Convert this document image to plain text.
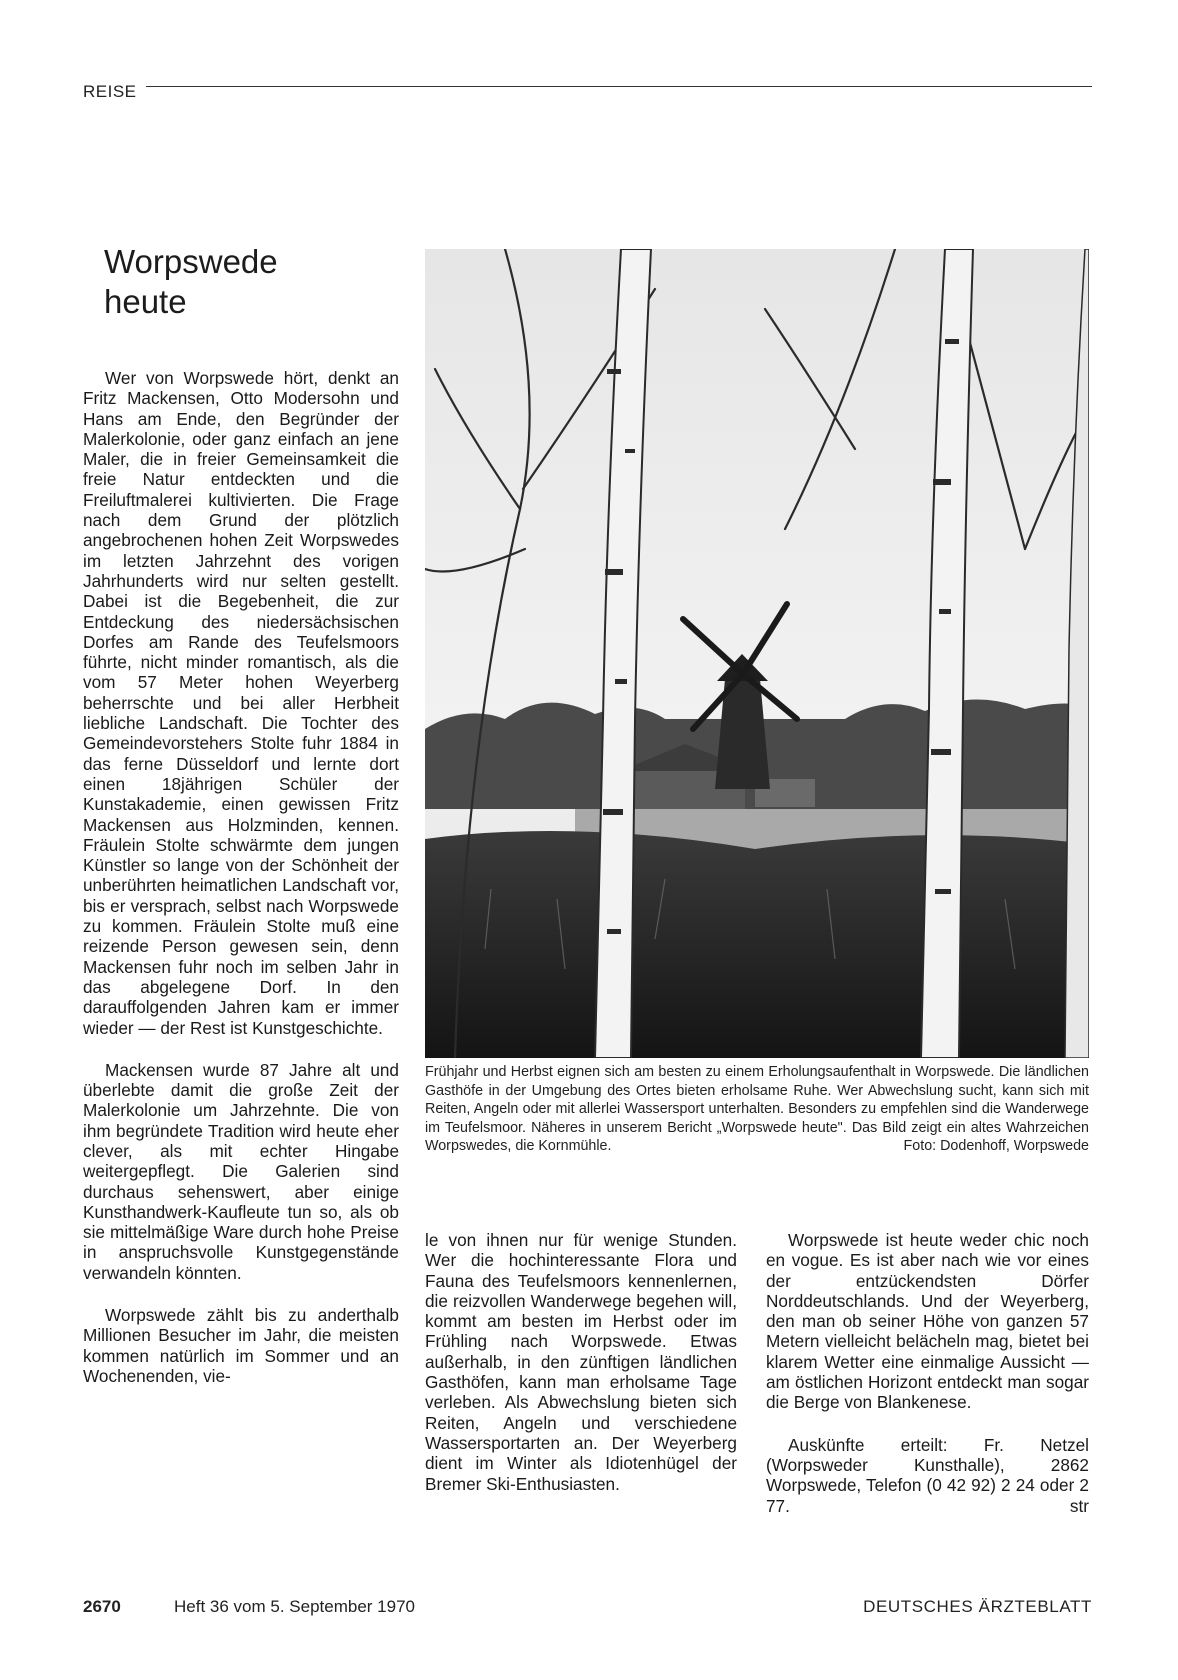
REISE
Worpswede
heute

Wer von Worpswede hört, denkt an Fritz Mackensen, Otto Modersohn und Hans am Ende, den Begründer der Malerkolonie, oder ganz einfach an jene Maler, die in freier Gemeinsamkeit die freie Natur entdeckten und die Freiluftmalerei kultivierten. Die Frage nach dem Grund der plötzlich angebrochenen hohen Zeit Worpswedes im letzten Jahrzehnt des vorigen Jahrhunderts wird nur selten gestellt. Dabei ist die Begebenheit, die zur Entdeckung des niedersächsischen Dorfes am Rande des Teufelsmoors führte, nicht minder romantisch, als die vom 57 Meter hohen Weyerberg beherrschte und bei aller Herbheit liebliche Landschaft. Die Tochter des Gemeindevorstehers Stolte fuhr 1884 in das ferne Düsseldorf und lernte dort einen 18jährigen Schüler der Kunstakademie, einen gewissen Fritz Mackensen aus Holzminden, kennen. Fräulein Stolte schwärmte dem jungen Künstler so lange von der Schönheit der unberührten heimatlichen Landschaft vor, bis er versprach, selbst nach Worpswede zu kommen. Fräulein Stolte muß eine reizende Person gewesen sein, denn Mackensen fuhr noch im selben Jahr in das abgelegene Dorf. In den darauffolgenden Jahren kam er immer wieder — der Rest ist Kunstgeschichte.

Mackensen wurde 87 Jahre alt und überlebte damit die große Zeit der Malerkolonie um Jahrzehnte. Die von ihm begründete Tradition wird heute eher clever, als mit echter Hingabe weitergepflegt. Die Galerien sind durchaus sehenswert, aber einige Kunsthandwerk-Kaufleute tun so, als ob sie mittelmäßige Ware durch hohe Preise in anspruchsvolle Kunstgegenstände verwandeln könnten.

Worpswede zählt bis zu anderthalb Millionen Besucher im Jahr, die meisten kommen natürlich im Sommer und an Wochenenden, vie-

Frühjahr und Herbst eignen sich am besten zu einem Erholungsaufenthalt in Worpswede. Die ländlichen Gasthöfe in der Umgebung des Ortes bieten erholsame Ruhe. Wer Abwechslung sucht, kann sich mit Reiten, Angeln oder mit allerlei Wassersport unterhalten. Besonders zu empfehlen sind die Wanderwege im Teufelsmoor. Näheres in unserem Bericht „Worpswede heute". Das Bild zeigt ein altes Wahrzeichen Worpswedes, die Kornmühle.	Foto: Dodenhoff, Worpswede

le von ihnen nur für wenige Stunden. Wer die hochinteressante Flora und Fauna des Teufelsmoors kennenlernen, die reizvollen Wanderwege begehen will, kommt am besten im Herbst oder im Frühling nach Worpswede. Etwas außerhalb, in den zünftigen ländlichen Gasthöfen, kann man erholsame Tage verleben. Als Abwechslung bieten sich Reiten, Angeln und verschiedene Wassersportarten an. Der Weyerberg dient im Winter als Idiotenhügel der Bremer Ski-Enthusiasten.

Worpswede ist heute weder chic noch en vogue. Es ist aber nach wie vor eines der entzückendsten Dörfer Norddeutschlands. Und der Weyerberg, den man ob seiner Höhe von ganzen 57 Metern vielleicht belächeln mag, bietet bei klarem Wetter eine einmalige Aussicht — am östlichen Horizont entdeckt man sogar die Berge von Blankenese.

Auskünfte erteilt: Fr. Netzel (Worpsweder Kunsthalle), 2862 Worpswede, Telefon (0 42 92) 2 24 oder 2 77.	str

2670	Heft 36 vom 5. September 1970	DEUTSCHES ÄRZTEBLATT
